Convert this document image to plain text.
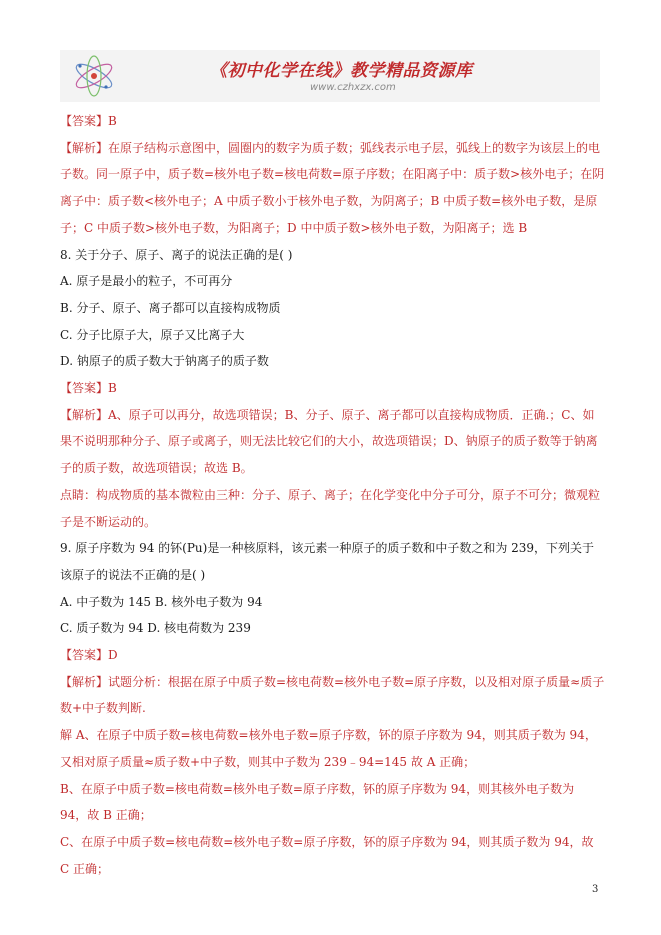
《初中化学在线》教学精品资源库
www.czhxzx.com

【答案】B

【解析】在原子结构示意图中，圆圈内的数字为质子数；弧线表示电子层，弧线上的数字为该层上的电子数。同一原子中，质子数=核外电子数=核电荷数=原子序数；在阳离子中：质子数>核外电子；在阴离子中：质子数<核外电子；A 中质子数小于核外电子数，为阴离子；B 中质子数=核外电子数，是原子；C 中质子数>核外电子数，为阳离子；D 中中质子数>核外电子数，为阳离子；选 B

8. 关于分子、原子、离子的说法正确的是( )

A. 原子是最小的粒子，不可再分

B. 分子、原子、离子都可以直接构成物质

C. 分子比原子大，原子又比离子大

D. 钠原子的质子数大于钠离子的质子数

【答案】B

【解析】A、原子可以再分，故选项错误；B、分子、原子、离子都可以直接构成物质．正确.；C、如果不说明那种分子、原子或离子，则无法比较它们的大小，故选项错误；D、钠原子的质子数等于钠离子的质子数，故选项错误；故选 B。

点睛：构成物质的基本微粒由三种：分子、原子、离子；在化学变化中分子可分，原子不可分；微观粒子是不断运动的。

9. 原子序数为 94 的钚(Pu)是一种核原料，该元素一种原子的质子数和中子数之和为 239，下列关于该原子的说法不正确的是( )

A. 中子数为 145 B. 核外电子数为 94

C. 质子数为 94 D. 核电荷数为 239

【答案】D

【解析】试题分析：根据在原子中质子数=核电荷数=核外电子数=原子序数，以及相对原子质量≈质子数+中子数判断.

解 A、在原子中质子数=核电荷数=核外电子数=原子序数，钚的原子序数为 94，则其质子数为 94，又相对原子质量≈质子数+中子数，则其中子数为 239﹣94=145 故 A 正确；

B、在原子中质子数=核电荷数=核外电子数=原子序数，钚的原子序数为 94，则其核外电子数为 94，故 B 正确；

C、在原子中质子数=核电荷数=核外电子数=原子序数，钚的原子序数为 94，则其质子数为 94，故 C 正确；

3
